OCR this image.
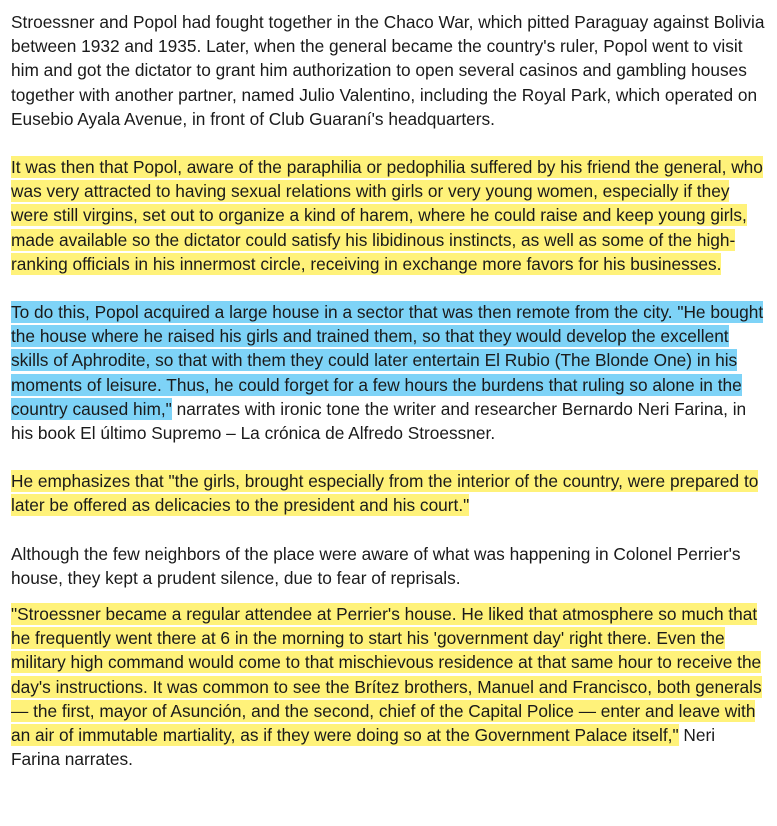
Stroessner and Popol had fought together in the Chaco War, which pitted Paraguay against Bolivia between 1932 and 1935. Later, when the general became the country's ruler, Popol went to visit him and got the dictator to grant him authorization to open several casinos and gambling houses together with another partner, named Julio Valentino, including the Royal Park, which operated on Eusebio Ayala Avenue, in front of Club Guaraní's headquarters.

It was then that Popol, aware of the paraphilia or pedophilia suffered by his friend the general, who was very attracted to having sexual relations with girls or very young women, especially if they were still virgins, set out to organize a kind of harem, where he could raise and keep young girls, made available so the dictator could satisfy his libidinous instincts, as well as some of the high-ranking officials in his innermost circle, receiving in exchange more favors for his businesses.

To do this, Popol acquired a large house in a sector that was then remote from the city. "He bought the house where he raised his girls and trained them, so that they would develop the excellent skills of Aphrodite, so that with them they could later entertain El Rubio (The Blonde One) in his moments of leisure. Thus, he could forget for a few hours the burdens that ruling so alone in the country caused him," narrates with ironic tone the writer and researcher Bernardo Neri Farina, in his book El último Supremo – La crónica de Alfredo Stroessner.

He emphasizes that "the girls, brought especially from the interior of the country, were prepared to later be offered as delicacies to the president and his court."

Although the few neighbors of the place were aware of what was happening in Colonel Perrier's house, they kept a prudent silence, due to fear of reprisals.

"Stroessner became a regular attendee at Perrier's house. He liked that atmosphere so much that he frequently went there at 6 in the morning to start his 'government day' right there. Even the military high command would come to that mischievous residence at that same hour to receive the day's instructions. It was common to see the Brítez brothers, Manuel and Francisco, both generals — the first, mayor of Asunción, and the second, chief of the Capital Police — enter and leave with an air of immutable martiality, as if they were doing so at the Government Palace itself," Neri Farina narrates.
